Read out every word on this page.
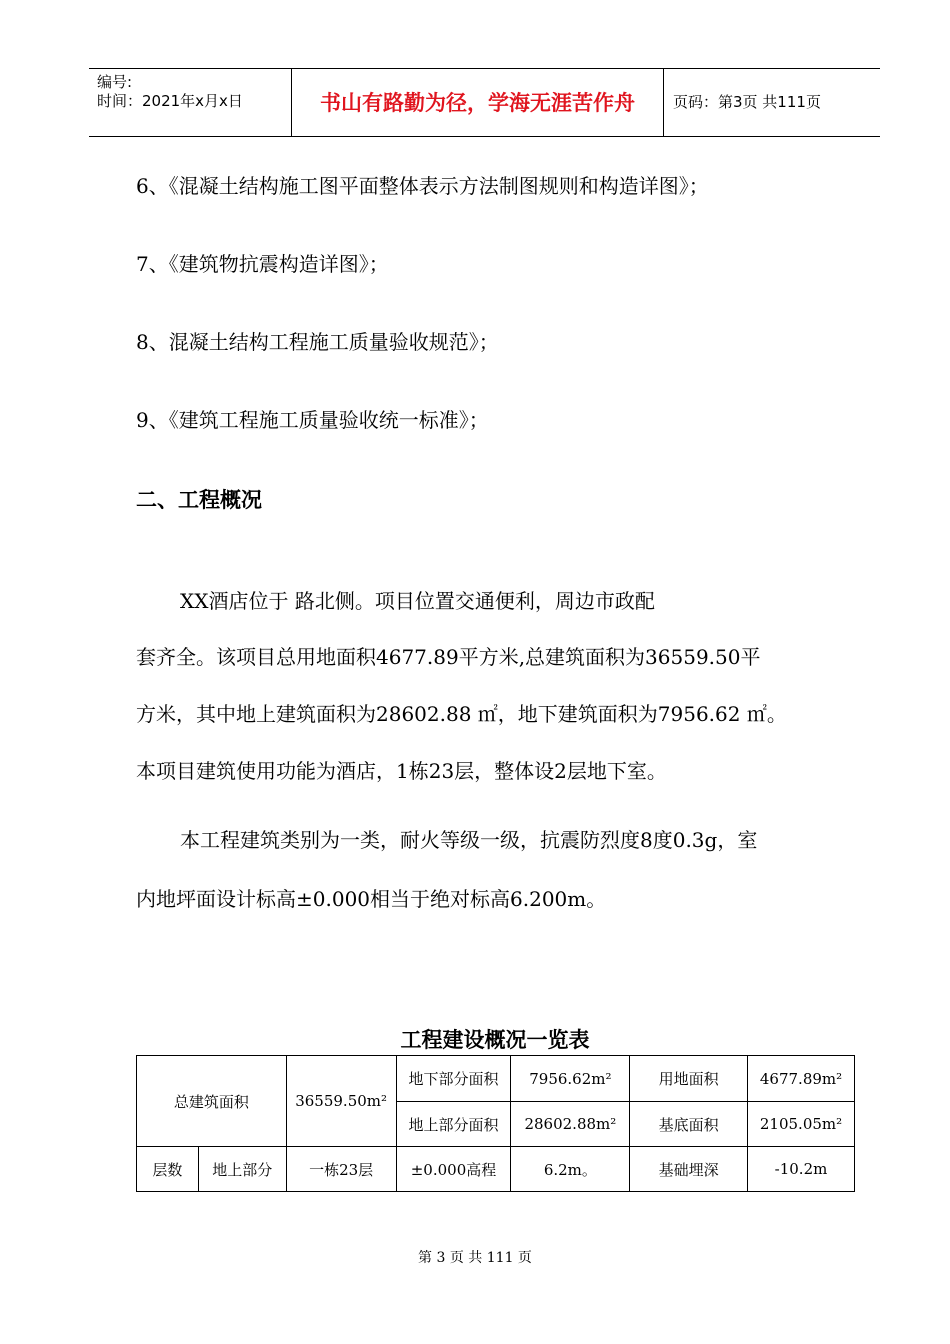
编号:
时间：2021年x月x日	书山有路勤为径，学海无涯苦作舟	页码：第3页 共111页
6、《混凝土结构施工图平面整体表示方法制图规则和构造详图》；
7、《建筑物抗震构造详图》；
8、混凝土结构工程施工质量验收规范》；
9、《建筑工程施工质量验收统一标准》；
二、工程概况
XX酒店位于 路北侧。项目位置交通便利，周边市政配
套齐全。该项目总用地面积4677.89平方米,总建筑面积为36559.50平
方米，其中地上建筑面积为28602.88 ㎡，地下建筑面积为7956.62 ㎡。
本项目建筑使用功能为酒店，1栋23层，整体设2层地下室。
本工程建筑类别为一类，耐火等级一级，抗震防烈度8度0.3g，室
内地坪面设计标高±0.000相当于绝对标高6.200m。
工程建设概况一览表
总建筑面积		36559.50m²	地下部分面积	7956.62m²	用地面积	4677.89m²
			地上部分面积	28602.88m²	基底面积	2105.05m²
层数	地上部分	一栋23层	±0.000高程	6.2m。	基础埋深	-10.2m
第 3 页 共 111 页
